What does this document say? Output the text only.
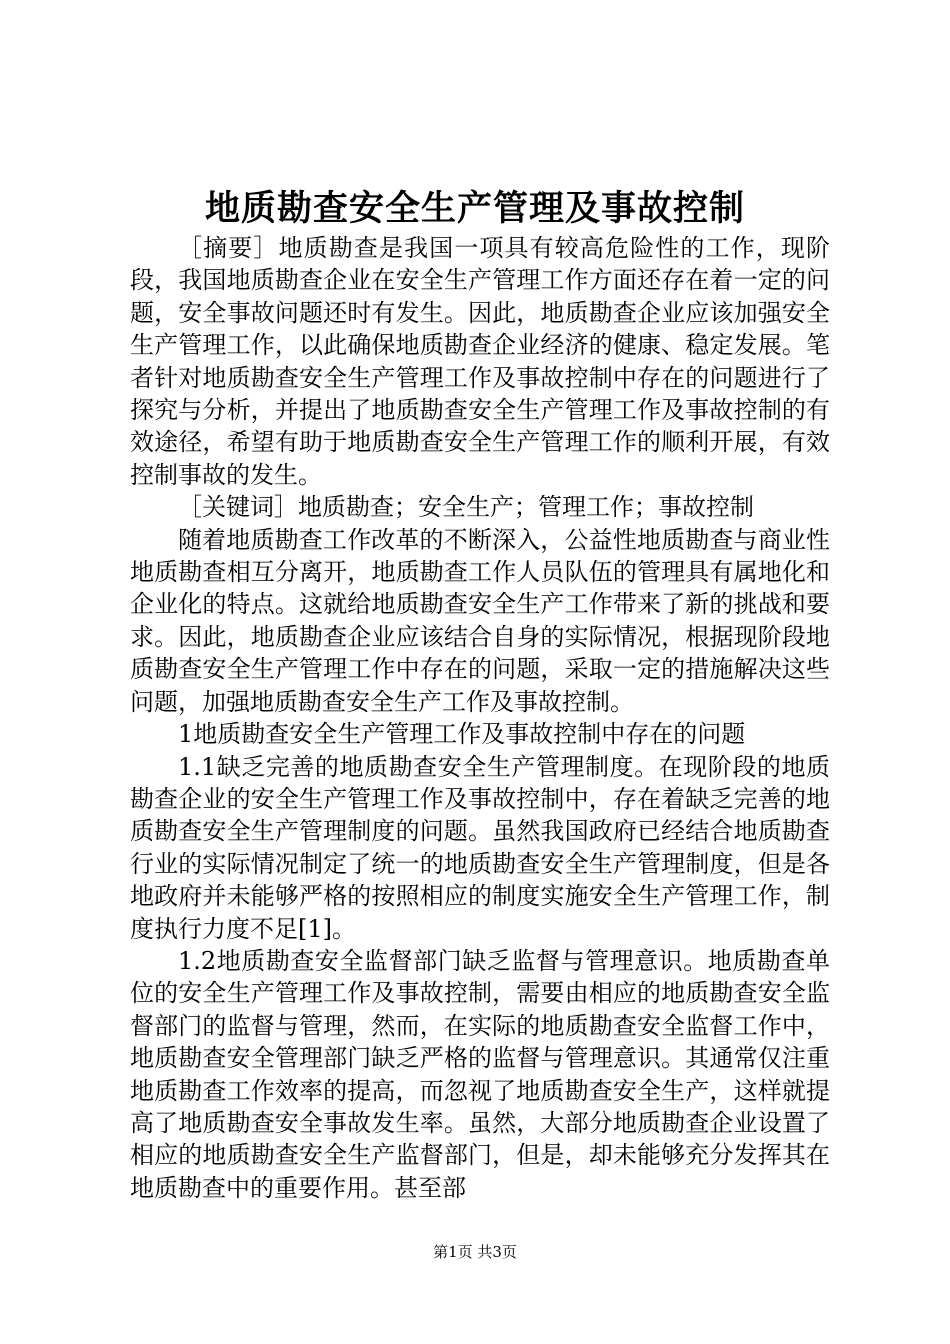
地质勘查安全生产管理及事故控制

［摘要］地质勘查是我国一项具有较高危险性的工作，现阶段，我国地质勘查企业在安全生产管理工作方面还存在着一定的问题，安全事故问题还时有发生。因此，地质勘查企业应该加强安全生产管理工作，以此确保地质勘查企业经济的健康、稳定发展。笔者针对地质勘查安全生产管理工作及事故控制中存在的问题进行了探究与分析，并提出了地质勘查安全生产管理工作及事故控制的有效途径，希望有助于地质勘查安全生产管理工作的顺利开展，有效控制事故的发生。

［关键词］地质勘查；安全生产；管理工作；事故控制

随着地质勘查工作改革的不断深入，公益性地质勘查与商业性地质勘查相互分离开，地质勘查工作人员队伍的管理具有属地化和企业化的特点。这就给地质勘查安全生产工作带来了新的挑战和要求。因此，地质勘查企业应该结合自身的实际情况，根据现阶段地质勘查安全生产管理工作中存在的问题，采取一定的措施解决这些问题，加强地质勘查安全生产工作及事故控制。

1地质勘查安全生产管理工作及事故控制中存在的问题

1.1缺乏完善的地质勘查安全生产管理制度。在现阶段的地质勘查企业的安全生产管理工作及事故控制中，存在着缺乏完善的地质勘查安全生产管理制度的问题。虽然我国政府已经结合地质勘查行业的实际情况制定了统一的地质勘查安全生产管理制度，但是各地政府并未能够严格的按照相应的制度实施安全生产管理工作，制度执行力度不足[1]。

1.2地质勘查安全监督部门缺乏监督与管理意识。地质勘查单位的安全生产管理工作及事故控制，需要由相应的地质勘查安全监督部门的监督与管理，然而，在实际的地质勘查安全监督工作中，地质勘查安全管理部门缺乏严格的监督与管理意识。其通常仅注重地质勘查工作效率的提高，而忽视了地质勘查安全生产，这样就提高了地质勘查安全事故发生率。虽然，大部分地质勘查企业设置了相应的地质勘查安全生产监督部门，但是，却未能够充分发挥其在地质勘查中的重要作用。甚至部

第1页 共3页
